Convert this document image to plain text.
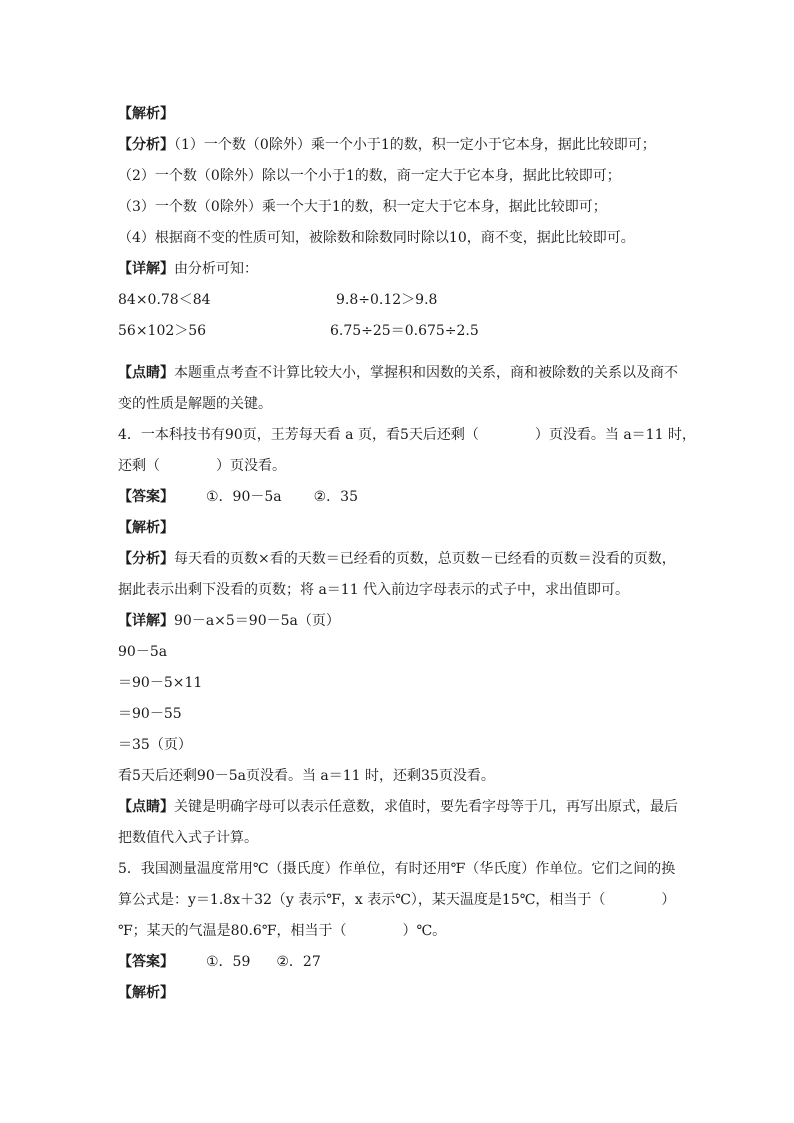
【解析】
【分析】（1）一个数（0除外）乘一个小于1的数，积一定小于它本身，据此比较即可；
（2）一个数（0除外）除以一个小于1的数，商一定大于它本身，据此比较即可；
（3）一个数（0除外）乘一个大于1的数，积一定大于它本身，据此比较即可；
（4）根据商不变的性质可知，被除数和除数同时除以10，商不变，据此比较即可。
【详解】由分析可知：
84×0.78＜84	9.8÷0.12＞9.8
56×102＞56	6.75÷25＝0.675÷2.5
【点睛】本题重点考查不计算比较大小，掌握积和因数的关系，商和被除数的关系以及商不
变的性质是解题的关键。
4．一本科技书有90页，王芳每天看 a 页，看5天后还剩（　　　　）页没看。当 a＝11 时，
还剩（　　　　）页没看。
【答案】 ①．90－5a ②．35
【解析】
【分析】每天看的页数×看的天数＝已经看的页数，总页数－已经看的页数＝没看的页数，
据此表示出剩下没看的页数；将 a＝11 代入前边字母表示的式子中，求出值即可。
【详解】90－a×5＝90－5a（页）
90－5a
＝90－5×11
＝90－55
＝35（页）
看5天后还剩90－5a页没看。当 a＝11 时，还剩35页没看。
【点睛】关键是明确字母可以表示任意数，求值时，要先看字母等于几，再写出原式，最后
把数值代入式子计算。
5．我国测量温度常用℃（摄氏度）作单位，有时还用℉（华氏度）作单位。它们之间的换
算公式是：y＝1.8x＋32（y 表示℉，x 表示℃），某天温度是15℃，相当于（　　　　）
℉；某天的气温是80.6℉，相当于（　　　　）℃。
【答案】 ①．59 ②．27
【解析】
